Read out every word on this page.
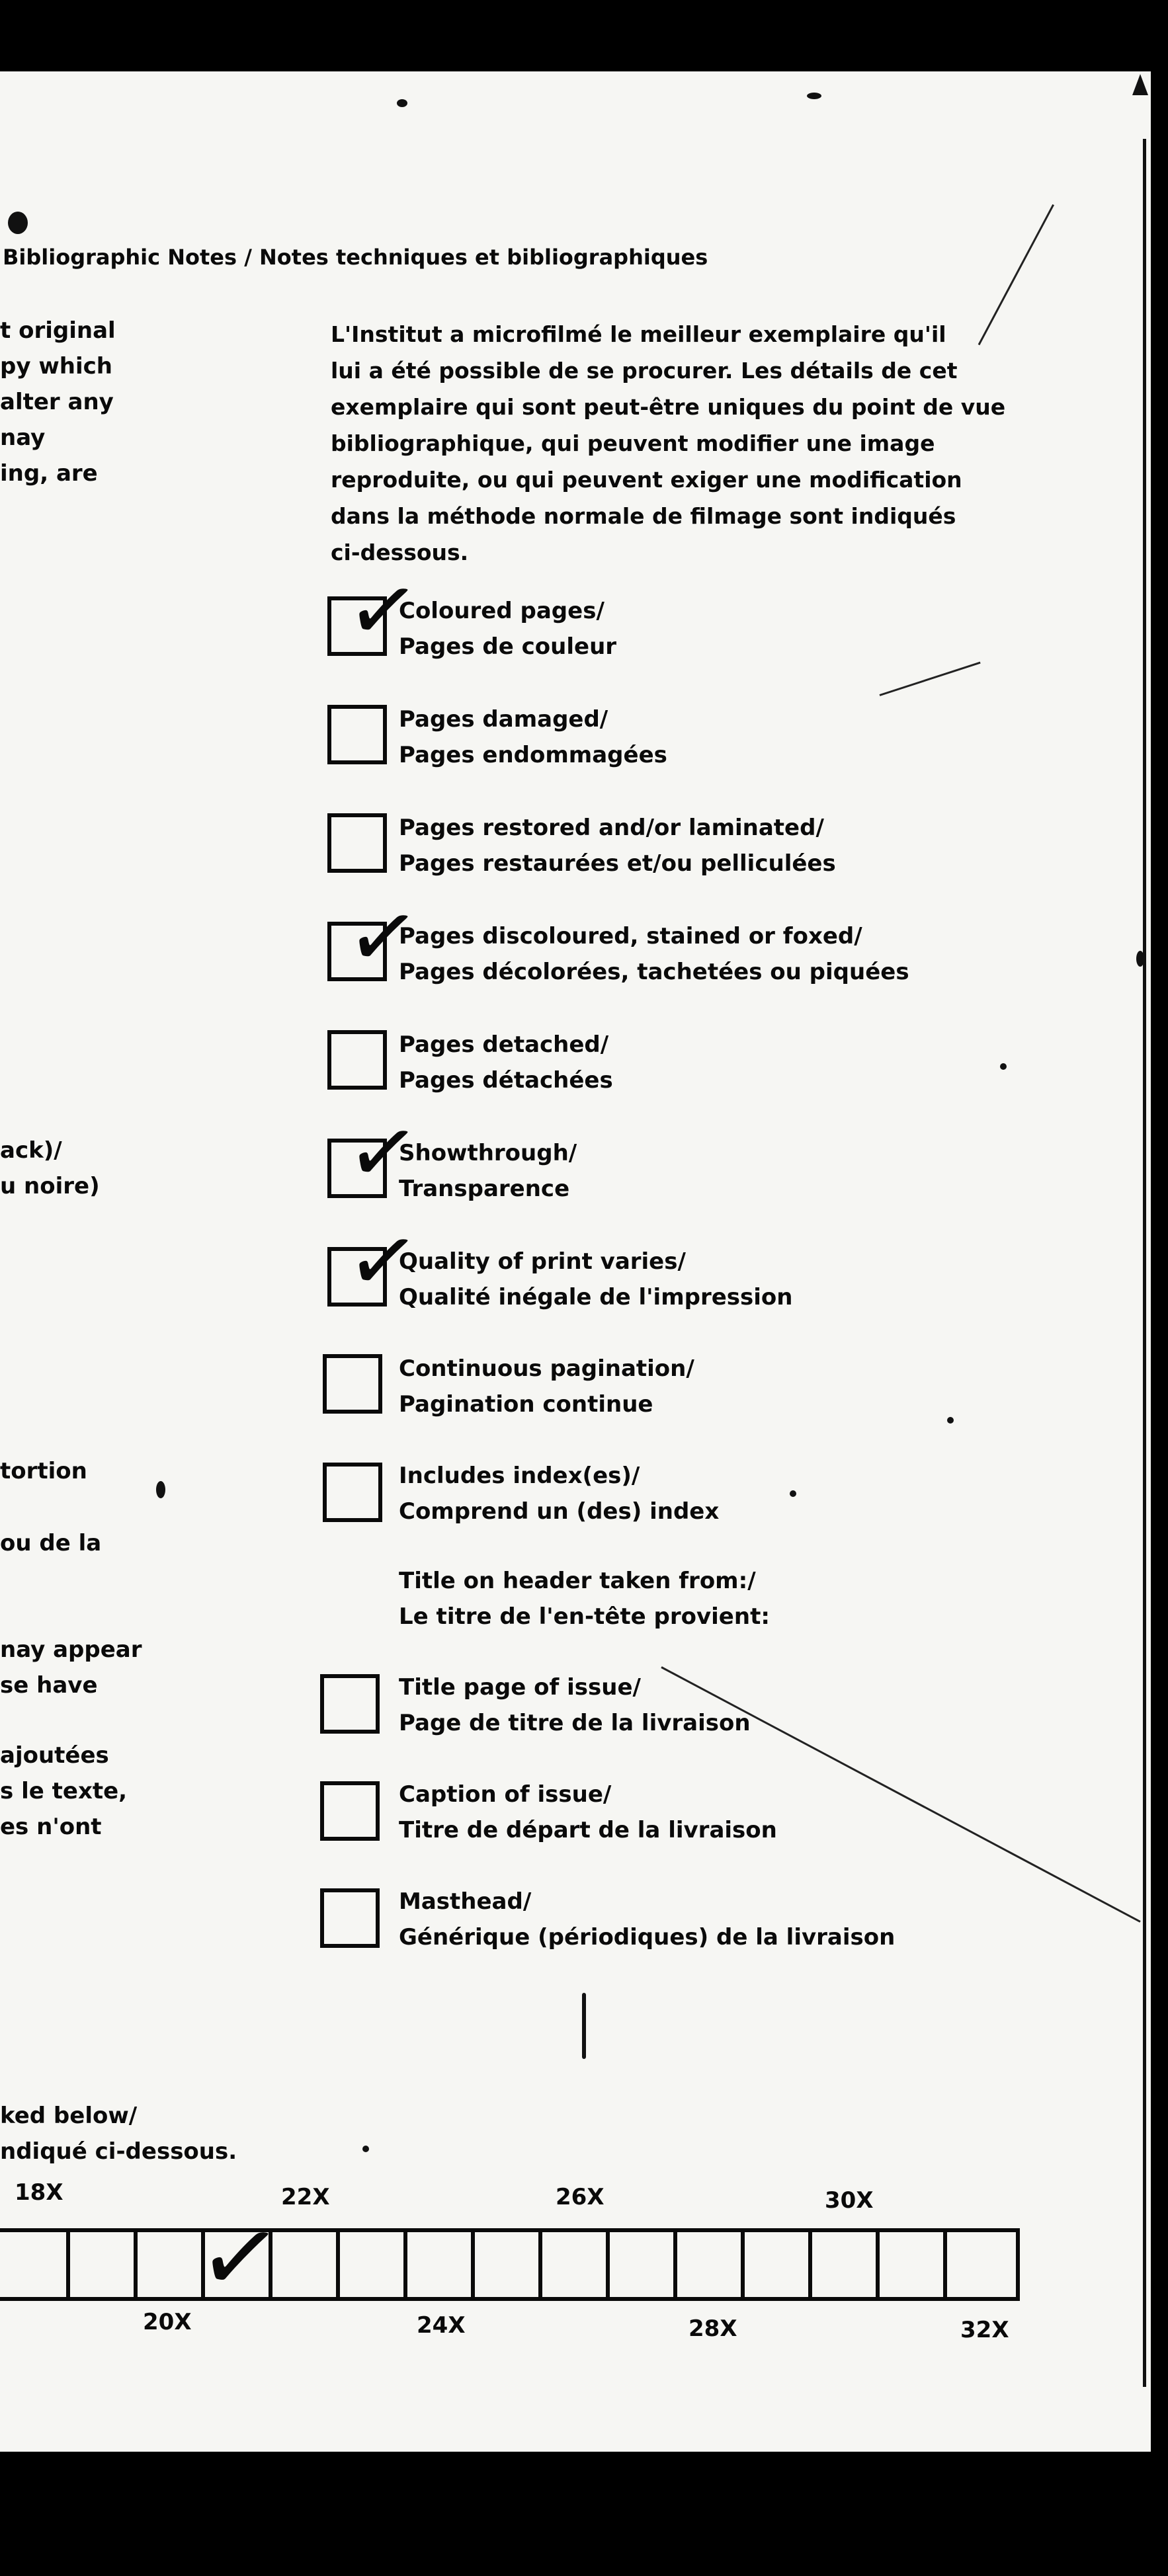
Bibliographic Notes / Notes techniques et bibliographiques
t original
py which
alter any
nay
ing, are
ack)/
u noire)
tortion
ou de la
nay appear
se have
ajoutées
s le texte,
es n'ont
ked below/
ndiqué ci-dessous.
L'Institut a microfilmé le meilleur exemplaire qu'il
lui a été possible de se procurer. Les détails de cet
exemplaire qui sont peut-être uniques du point de vue
bibliographique, qui peuvent modifier une image
reproduite, ou qui peuvent exiger une modification
dans la méthode normale de filmage sont indiqués
ci-dessous.
✓
Coloured pages/
Pages de couleur
Pages damaged/
Pages endommagées
Pages restored and/or laminated/
Pages restaurées et/ou pelliculées
✓
Pages discoloured, stained or foxed/
Pages décolorées, tachetées ou piquées
Pages detached/
Pages détachées
✓
Showthrough/
Transparence
✓
Quality of print varies/
Qualité inégale de l'impression
Continuous pagination/
Pagination continue
Includes index(es)/
Comprend un (des) index
Title on header taken from:/
Le titre de l'en-tête provient:
Title page of issue/
Page de titre de la livraison
Caption of issue/
Titre de départ de la livraison
Masthead/
Générique (périodiques) de la livraison
18X	22X	26X	30X
✓
20X	24X	28X	32X
